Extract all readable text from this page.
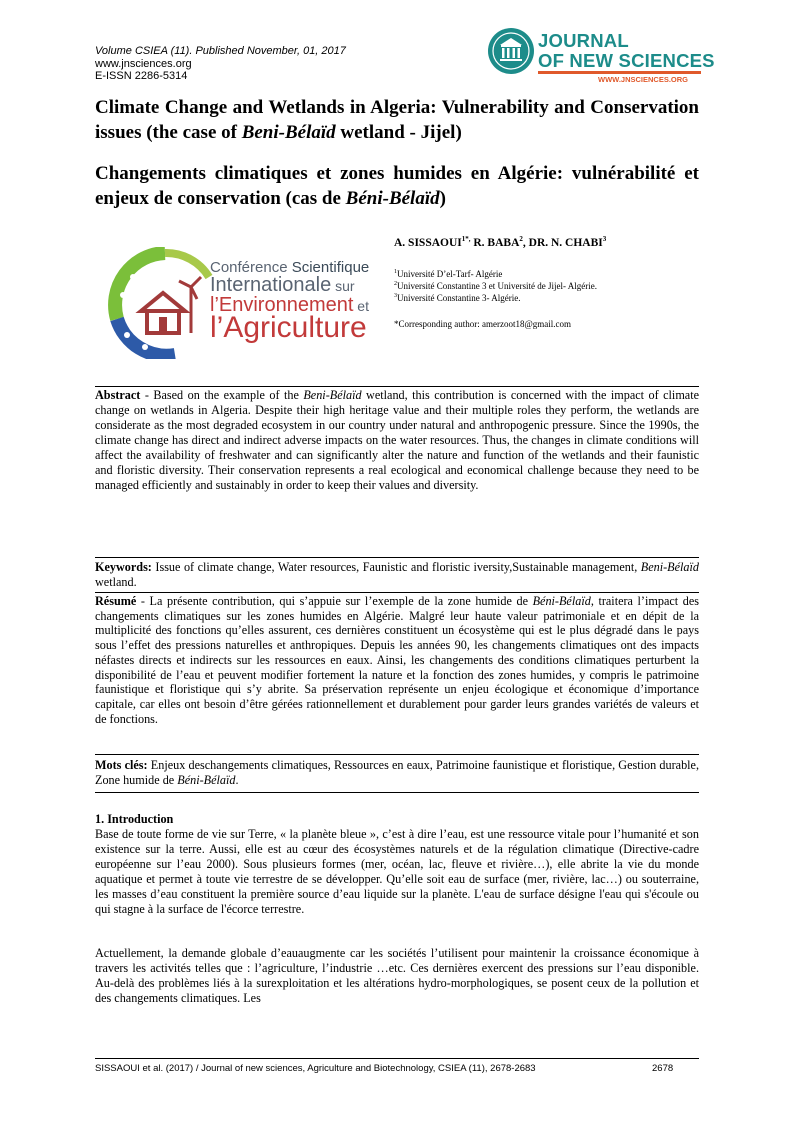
Volume CSIEA (11). Published November, 01, 2017
www.jnsciences.org
E-ISSN 2286-5314
JOURNAL
OF NEW SCIENCES
WWW.JNSCIENCES.ORG
Climate Change and Wetlands in Algeria: Vulnerability and Conservation issues (the case of Beni-Bélaïd wetland - Jijel)
Changements climatiques et zones humides en Algérie: vulnérabilité et enjeux de conservation (cas de Béni-Bélaïd)
Conférence Scientifique
Internationale sur
l’Environnement et
l’Agriculture
A. $SISSAOUI^{1*,}$ R. BABA$^2$, DR. N. CHABI$^3$
$^1$Université D’el-Tarf- Algérie
$^2$Université Constantine 3 et Université de Jijel- Algérie.
$^3$Université Constantine 3- Algérie.
*Corresponding author: amerzoot18@gmail.com
Abstract - Based on the example of the Beni-Bélaïd wetland, this contribution is concerned with the impact of climate change on wetlands in Algeria. Despite their high heritage value and their multiple roles they perform, the wetlands are considerate as the most degraded ecosystem in our country under natural and anthropogenic pressure. Since the 1990s, the climate change has direct and indirect adverse impacts on the water resources. Thus, the changes in climate conditions will affect the availability of freshwater and can significantly alter the nature and function of the wetlands and their faunistic and floristic diversity. Their conservation represents a real ecological and economical challenge because they need to be managed efficiently and sustainably in order to keep their values and diversity.
Keywords: Issue of climate change, Water resources, Faunistic and floristic iversity,Sustainable management, Beni-Bélaïd wetland.
Résumé - La présente contribution, qui s’appuie sur l’exemple de la zone humide de Béni-Bélaïd, traitera l’impact des changements climatiques sur les zones humides en Algérie. Malgré leur haute valeur patrimoniale et en dépit de la multiplicité des fonctions qu’elles assurent, ces dernières constituent un écosystème qui est le plus dégradé dans le pays sous l’effet des pressions naturelles et anthropiques. Depuis les années 90, les changements climatiques ont des impacts néfastes directs et indirects sur les ressources en eaux. Ainsi, les changements des conditions climatiques perturbent la disponibilité de l’eau et peuvent modifier fortement la nature et la fonction des zones humides, y compris le patrimoine faunistique et floristique qui s’y abrite. Sa préservation représente un enjeu écologique et économique d’importance capitale, car elles ont besoin d’être gérées rationnellement et durablement pour garder leurs grandes variétés de valeurs et de fonctions.
Mots clés: Enjeux deschangements climatiques, Ressources en eaux, Patrimoine faunistique et floristique, Gestion durable, Zone humide de Béni-Bélaïd.
1. Introduction
Base de toute forme de vie sur Terre, « la planète bleue », c’est à dire l’eau, est une ressource vitale pour l’humanité et son existence sur la terre. Aussi, elle est au cœur des écosystèmes naturels et de la régulation climatique (Directive-cadre européenne sur l’eau 2000). Sous plusieurs formes (mer, océan, lac, fleuve et rivière…), elle abrite la vie du monde aquatique et permet à toute vie terrestre de se développer. Qu’elle soit eau de surface (mer, rivière, lac…) ou souterraine, les masses d’eau constituent la première source d’eau liquide sur la planète. L'eau de surface désigne l'eau qui s'écoule ou qui stagne à la surface de l'écorce terrestre.
Actuellement, la demande globale d’eauaugmente car les sociétés l’utilisent pour maintenir la croissance économique à travers les activités telles que : l’agriculture, l’industrie …etc. Ces dernières exercent des pressions sur l’eau disponible. Au-delà des problèmes liés à la surexploitation et les altérations hydro-morphologiques, se posent ceux de la pollution et des changements climatiques. Les
SISSAOUI et al. (2017) / Journal of new sciences, Agriculture and Biotechnology, CSIEA (11), 2678-2683	2678
